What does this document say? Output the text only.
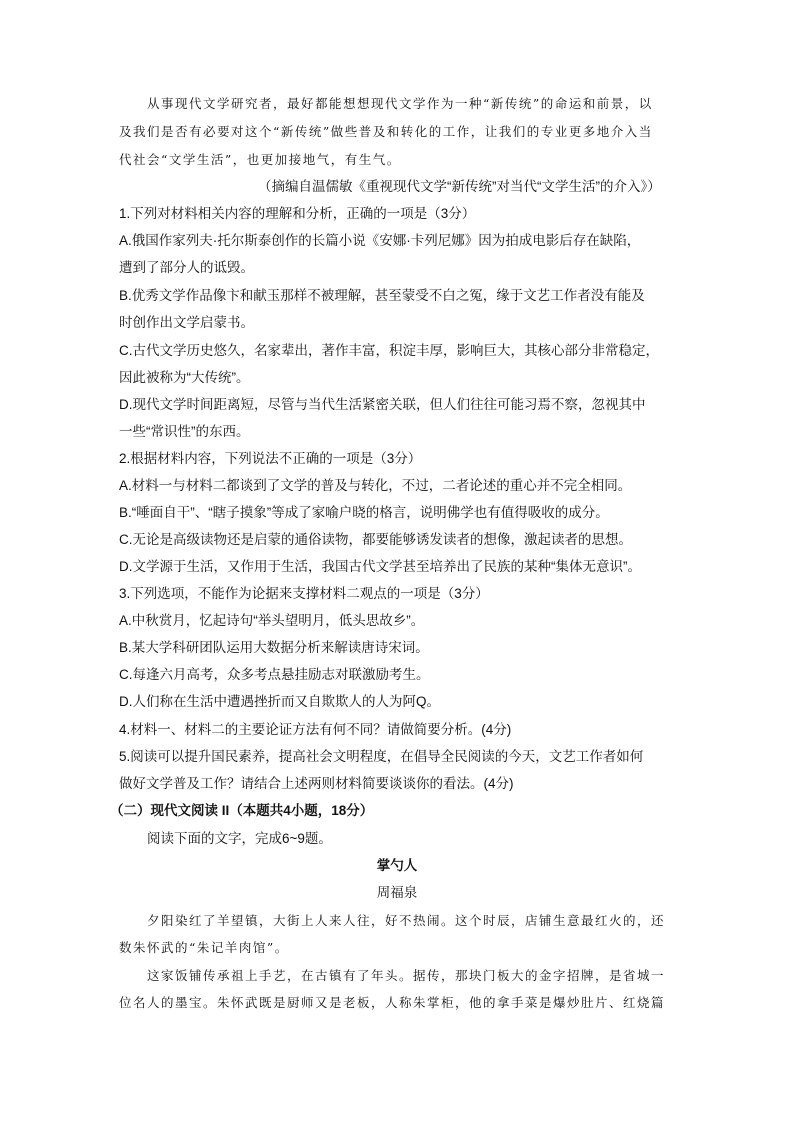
从事现代文学研究者，最好都能想想现代文学作为一种“新传统”的命运和前景，以
及我们是否有必要对这个“新传统”做些普及和转化的工作，让我们的专业更多地介入当
代社会“文学生活”，也更加接地气，有生气。
（摘编自温儒敏《重视现代文学“新传统”对当代“文学生活”的介入》）
1.下列对材料相关内容的理解和分析，正确的一项是（3分）
A.俄国作家列夫·托尔斯泰创作的长篇小说《安娜·卡列尼娜》因为拍成电影后存在缺陷，
遭到了部分人的诋毁。
B.优秀文学作品像卞和献玉那样不被理解，甚至蒙受不白之冤，缘于文艺工作者没有能及
时创作出文学启蒙书。
C.古代文学历史悠久，名家辈出，著作丰富，积淀丰厚，影响巨大，其核心部分非常稳定，
因此被称为“大传统”。
D.现代文学时间距离短，尽管与当代生活紧密关联，但人们往往可能习焉不察，忽视其中
一些“常识性”的东西。
2.根据材料内容，下列说法不正确的一项是（3分）
A.材料一与材料二都谈到了文学的普及与转化，不过，二者论述的重心并不完全相同。
B.“唾面自干”、“瞎子摸象”等成了家喻户晓的格言，说明佛学也有值得吸收的成分。
C.无论是高级读物还是启蒙的通俗读物，都要能够诱发读者的想像，激起读者的思想。
D.文学源于生活，又作用于生活，我国古代文学甚至培养出了民族的某种“集体无意识”。
3.下列选项，不能作为论据来支撑材料二观点的一项是（3分）
A.中秋赏月，忆起诗句“举头望明月，低头思故乡”。
B.某大学科研团队运用大数据分析来解读唐诗宋词。
C.每逢六月高考，众多考点悬挂励志对联激励考生。
D.人们称在生活中遭遇挫折而又自欺欺人的人为阿Q。
4.材料一、材料二的主要论证方法有何不同？请做简要分析。(4分)
5.阅读可以提升国民素养，提高社会文明程度，在倡导全民阅读的今天，文艺工作者如何
做好文学普及工作？请结合上述两则材料简要谈谈你的看法。(4分)
（二）现代文阅读 II（本题共4小题，18分）
阅读下面的文字，完成6~9题。
掌勺人
周福泉
夕阳染红了羊望镇，大街上人来人往，好不热闹。这个时辰，店铺生意最红火的，还
数朱怀武的“朱记羊肉馆”。
这家饭铺传承祖上手艺，在古镇有了年头。据传，那块门板大的金字招牌，是省城一
位名人的墨宝。朱怀武既是厨师又是老板，人称朱掌柜，他的拿手菜是爆炒肚片、红烧篇
